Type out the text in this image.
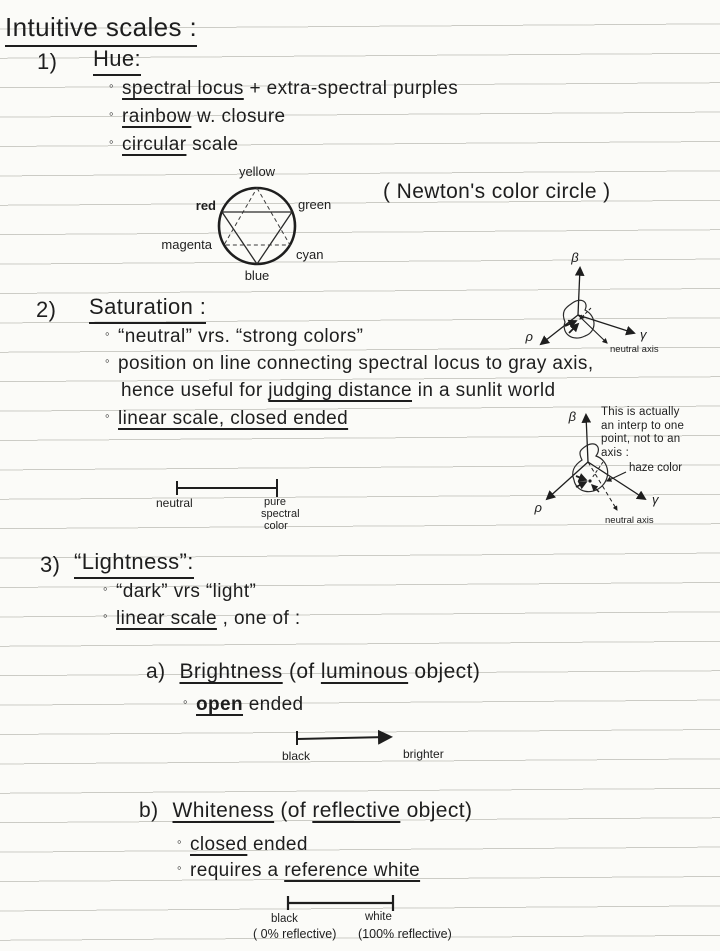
Intuitive scales :
1) Hue:
◦ spectral locus + extra-spectral purples
◦ rainbow w. closure
◦ circular scale
yellow
red	green
magenta
cyan
blue
( Newton's color circle )
β
ρ	γ
neutral axis
2) Saturation :
◦ “neutral” vrs. “strong colors”
◦ position on line connecting spectral locus to gray axis,
hence useful for judging distance in a sunlit world
◦ linear scale, closed ended	This is actually
an interp to one
point, not to an
axis :
β
ρ
γ
neutral axis
haze color
neutral	pure
spectral
color
3) “Lightness”:
◦ “dark” vrs “light”
◦ linear scale , one of :
a) Brightness (of luminous object)
◦ open ended
black	brighter
b) Whiteness (of reflective object)
◦ closed ended
◦ requires a reference white
black	white
( 0% reflective) (100% reflective)
